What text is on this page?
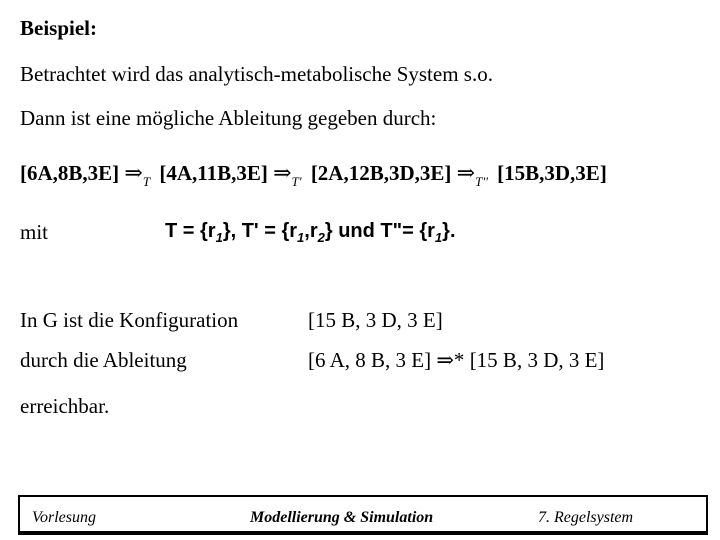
Beispiel:
Betrachtet wird das analytisch-metabolische System s.o.
Dann ist eine mögliche Ableitung gegeben durch:
[6A,8B,3E] $\Rightarrow_T$ [4A,11B,3E] $\Rightarrow_{T'}$ [2A,12B,3D,3E] $\Rightarrow_{T''}$ [15B,3D,3E]
mit	$T = \{r_1\}$, $T' = \{r_1,r_2\}$ und T"= $\{r_1\}$.
In G ist die Konfiguration	[15 B, 3 D, 3 E]
durch die Ableitung	[6 A, 8 B, 3 E] ⇒* [15 B, 3 D, 3 E]
erreichbar.
Vorlesung	Modellierung & Simulation	7. Regelsystem
